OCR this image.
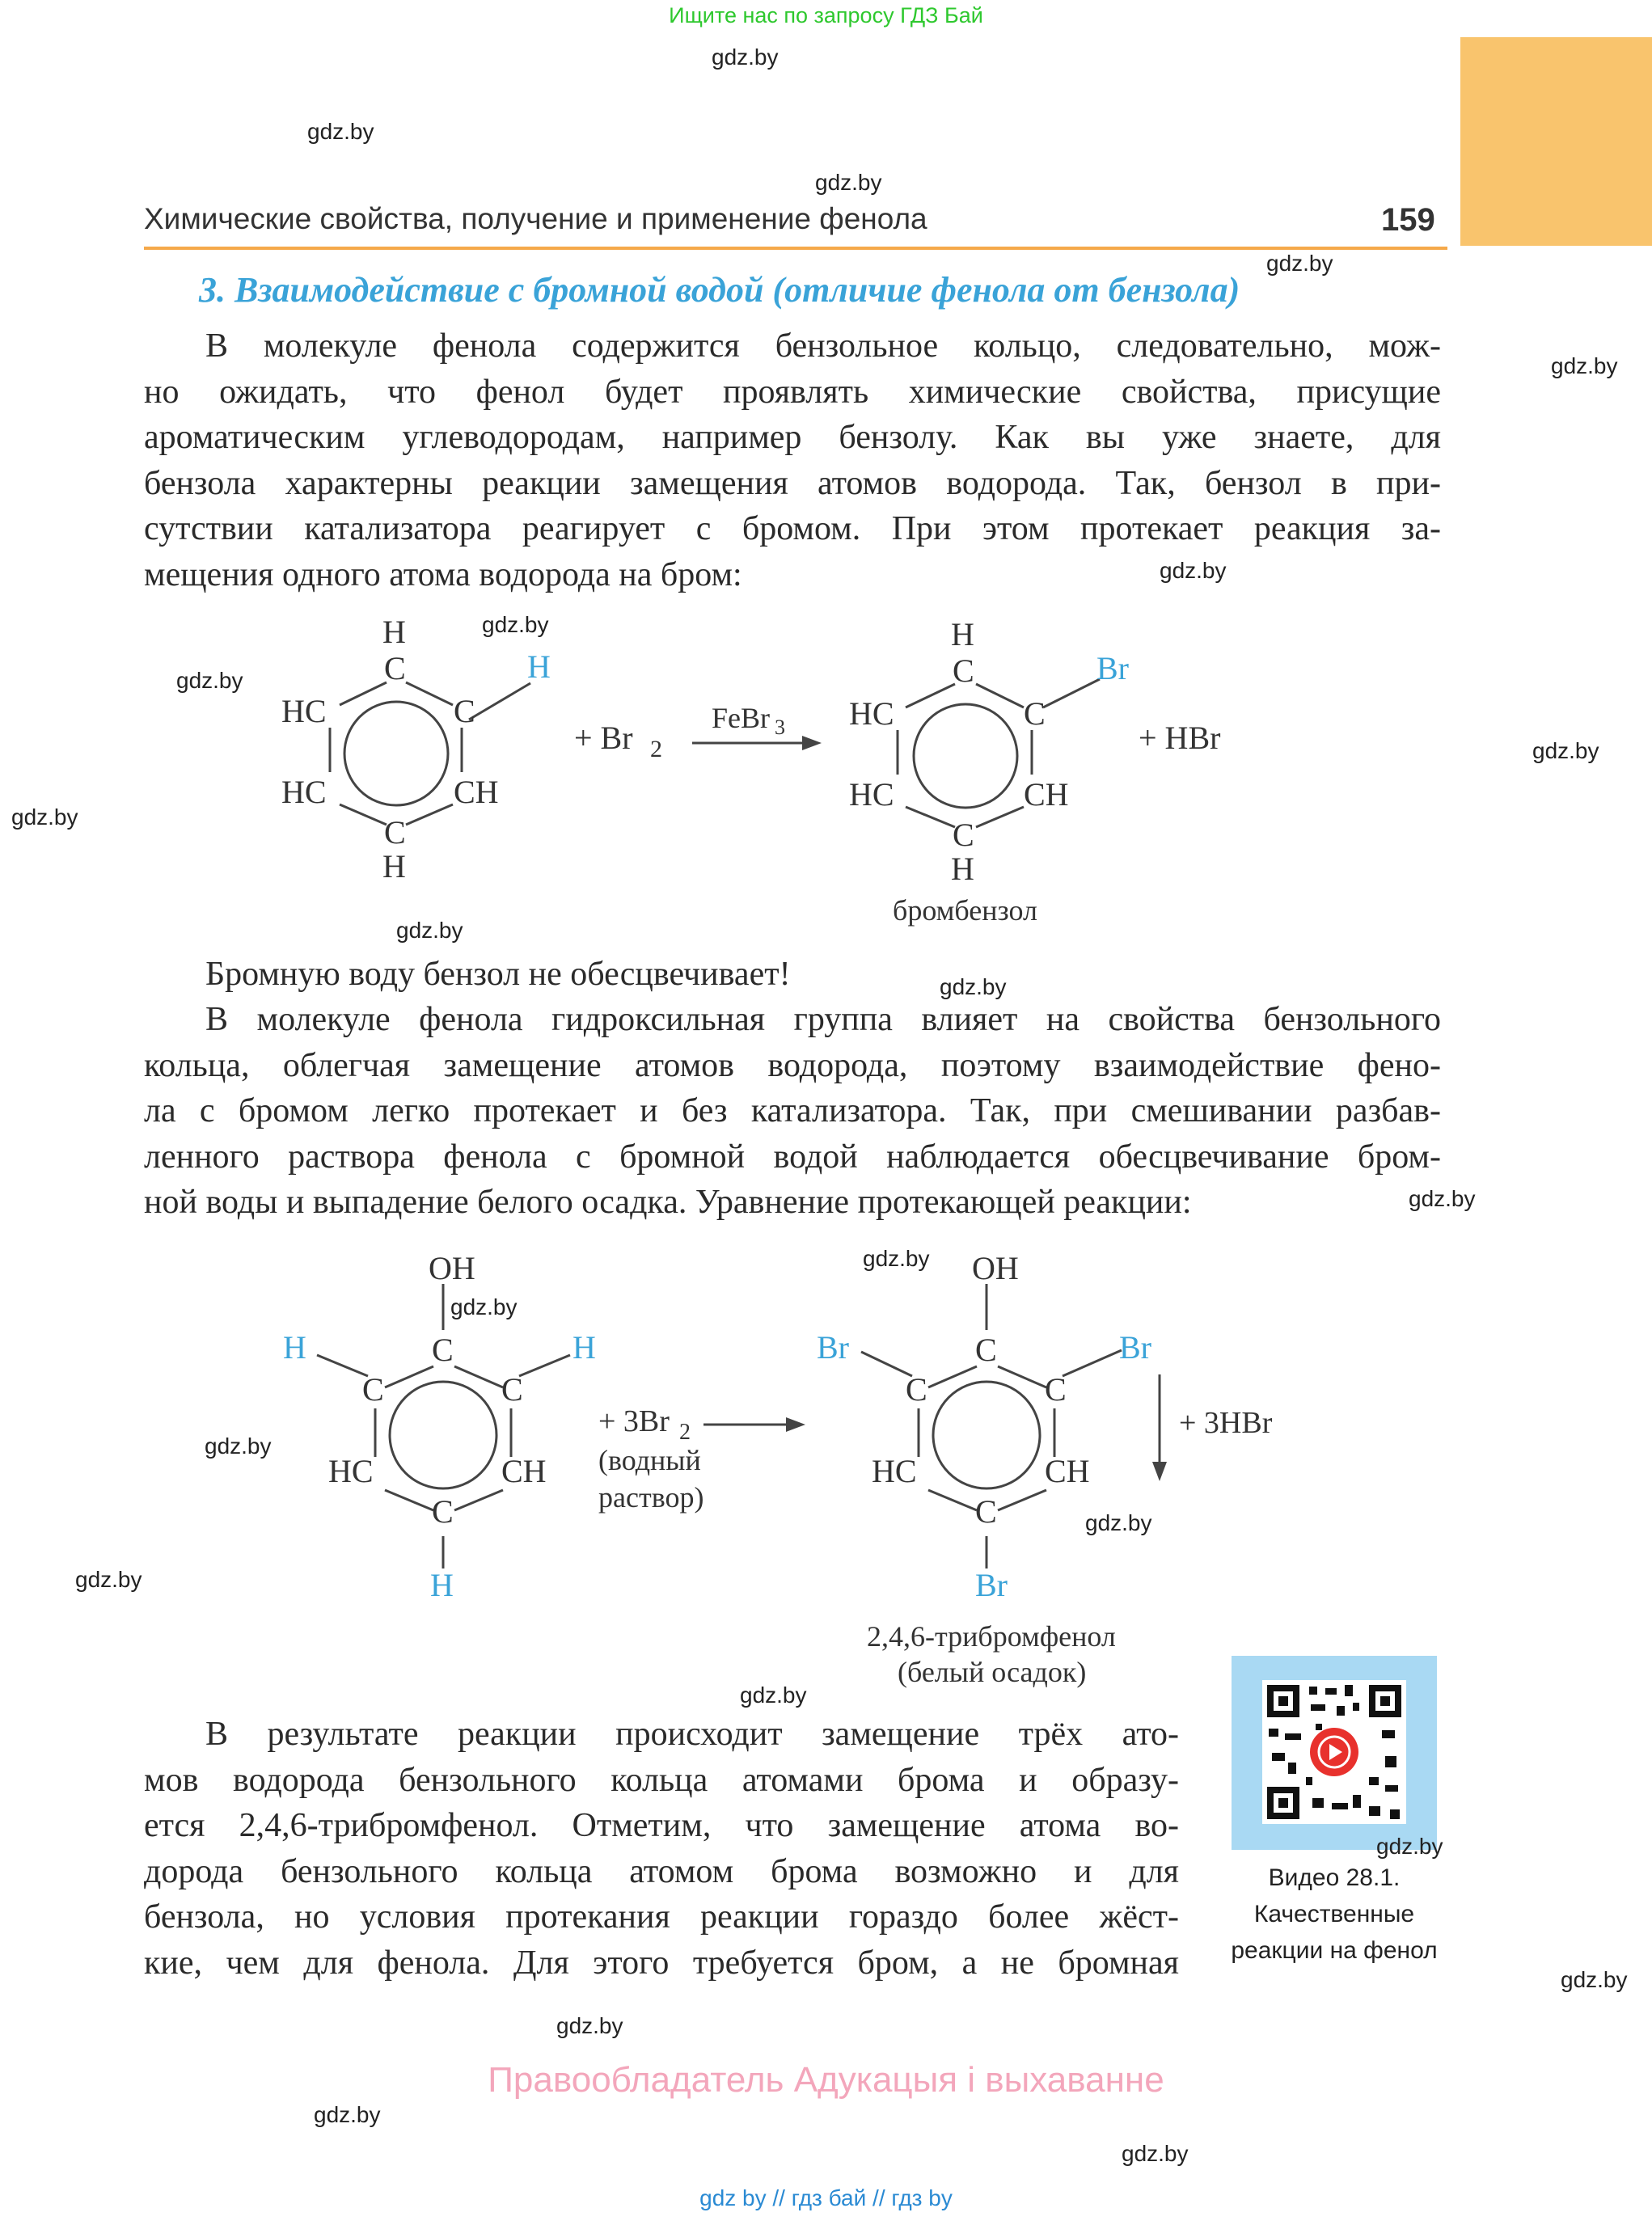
Ищите нас по запросу ГДЗ Бай
Химические свойства, получение и применение фенола	159
3. Взаимодействие с бромной водой (отличие фенола от бензола)
В молекуле фенола содержится бензольное кольцо, следовательно, мож-
но ожидать, что фенол будет проявлять химические свойства, присущие
ароматическим углеводородам, например бензолу. Как вы уже знаете, для
бензола характерны реакции замещения атомов водорода. Так, бензол в при-
сутствии катализатора реагирует с бромом. При этом протекает реакция за-
мещения одного атома водорода на бром:
H
C	H
HC	C
HC	CH
C
H
+ Br 2
FeBr 3
H
C	Br
HC	C
HC	CH
C
H
+ HBr
бромбензол
Бромную воду бензол не обесцвечивает!
В молекуле фенола гидроксильная группа влияет на свойства бензольного
кольца, облегчая замещение атомов водорода, поэтому взаимодействие фено-
ла с бромом легко протекает и без катализатора. Так, при смешивании разбав-
ленного раствора фенола с бромной водой наблюдается обесцвечивание бром-
ной воды и выпадение белого осадка. Уравнение протекающей реакции:
OH
C
H	H
C	C
HC	CH
C
H
+ 3Br 2
(водный
раствор)
OH
C
Br	Br
C	C
HC	CH
C
Br
+ 3HBr
2,4,6-трибромфенол
(белый осадок)
В результате реакции происходит замещение трёх ато-
мов водорода бензольного кольца атомами брома и образу-
ется 2,4,6-трибромфенол. Отметим, что замещение атома во-
дорода бензольного кольца атомом брома возможно и для
бензола, но условия протекания реакции гораздо более жёст-
кие, чем для фенола. Для этого требуется бром, а не бромная
Видео 28.1.
Качественные
реакции на фенол
gdz.by
gdz.by
gdz.by
gdz.by
gdz.by
gdz.by
gdz.by
gdz.by
gdz.by
gdz.by
gdz.by
gdz.by
gdz.by
gdz.by
gdz.by
gdz.by
gdz.by
gdz.by
gdz.by
gdz.by
gdz.by
gdz.by
gdz.by
gdz.by
Правообладатель Адукацыя і выхаванне
gdz by // гдз бай // гдз by
